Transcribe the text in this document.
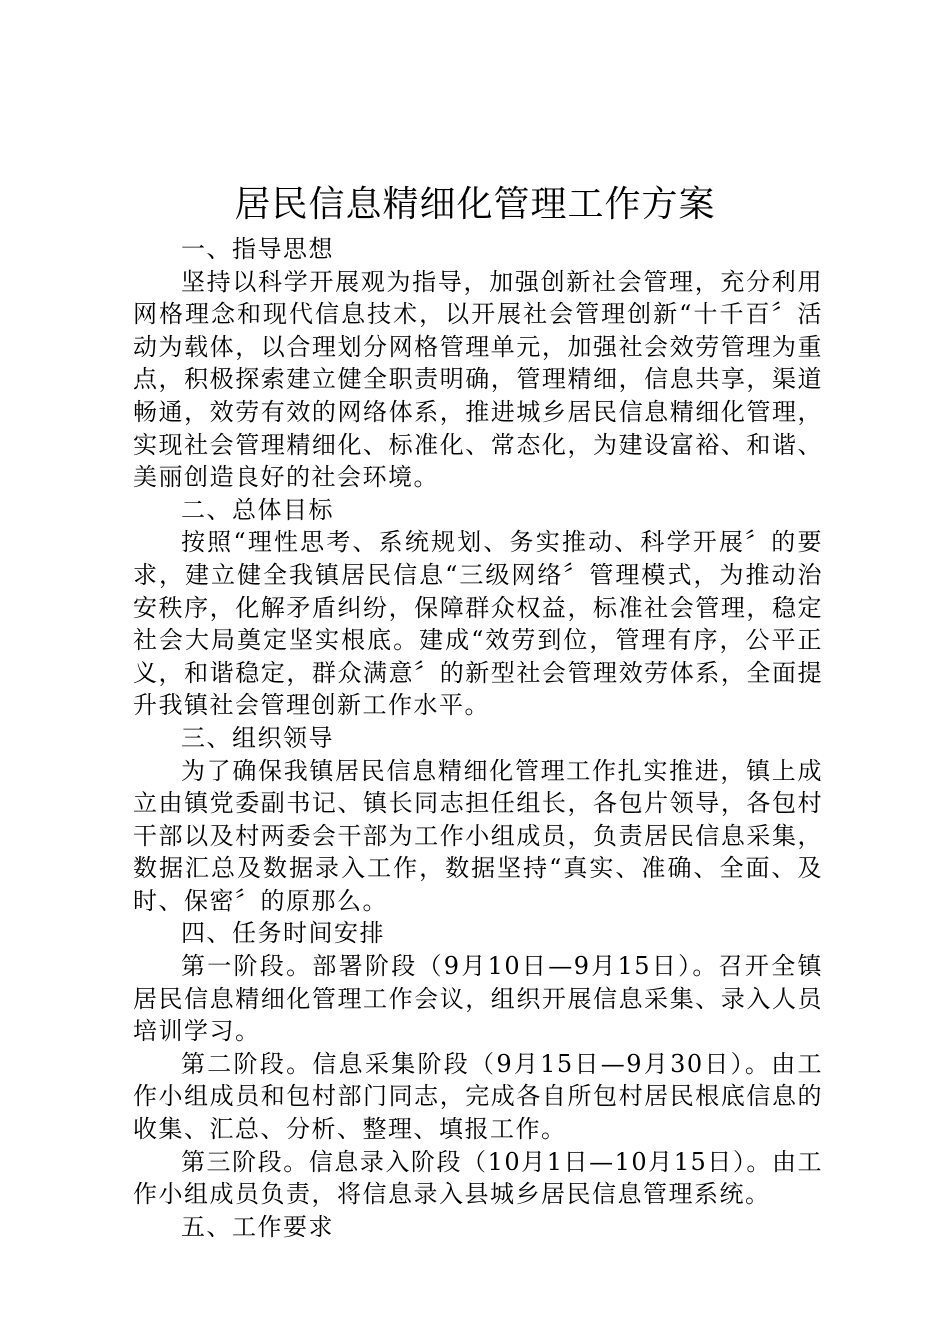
居民信息精细化管理工作方案

一、指导思想

坚持以科学开展观为指导，加强创新社会管理，充分利用网格理念和现代信息技术，以开展社会管理创新“十千百〞活动为载体，以合理划分网格管理单元，加强社会效劳管理为重点，积极探索建立健全职责明确，管理精细，信息共享，渠道畅通，效劳有效的网络体系，推进城乡居民信息精细化管理，实现社会管理精细化、标准化、常态化，为建设富裕、和谐、美丽创造良好的社会环境。

二、总体目标

按照“理性思考、系统规划、务实推动、科学开展〞的要求，建立健全我镇居民信息“三级网络〞管理模式，为推动治安秩序，化解矛盾纠纷，保障群众权益，标准社会管理，稳定社会大局奠定坚实根底。建成“效劳到位，管理有序，公平正义，和谐稳定，群众满意〞的新型社会管理效劳体系，全面提升我镇社会管理创新工作水平。

三、组织领导

为了确保我镇居民信息精细化管理工作扎实推进，镇上成立由镇党委副书记、镇长同志担任组长，各包片领导，各包村干部以及村两委会干部为工作小组成员，负责居民信息采集，数据汇总及数据录入工作，数据坚持“真实、准确、全面、及时、保密〞的原那么。

四、任务时间安排

第一阶段。部署阶段（9月10日—9月15日）。召开全镇居民信息精细化管理工作会议，组织开展信息采集、录入人员培训学习。

第二阶段。信息采集阶段（9月15日—9月30日）。由工作小组成员和包村部门同志，完成各自所包村居民根底信息的收集、汇总、分析、整理、填报工作。

第三阶段。信息录入阶段（10月1日—10月15日）。由工作小组成员负责，将信息录入县城乡居民信息管理系统。

五、工作要求
